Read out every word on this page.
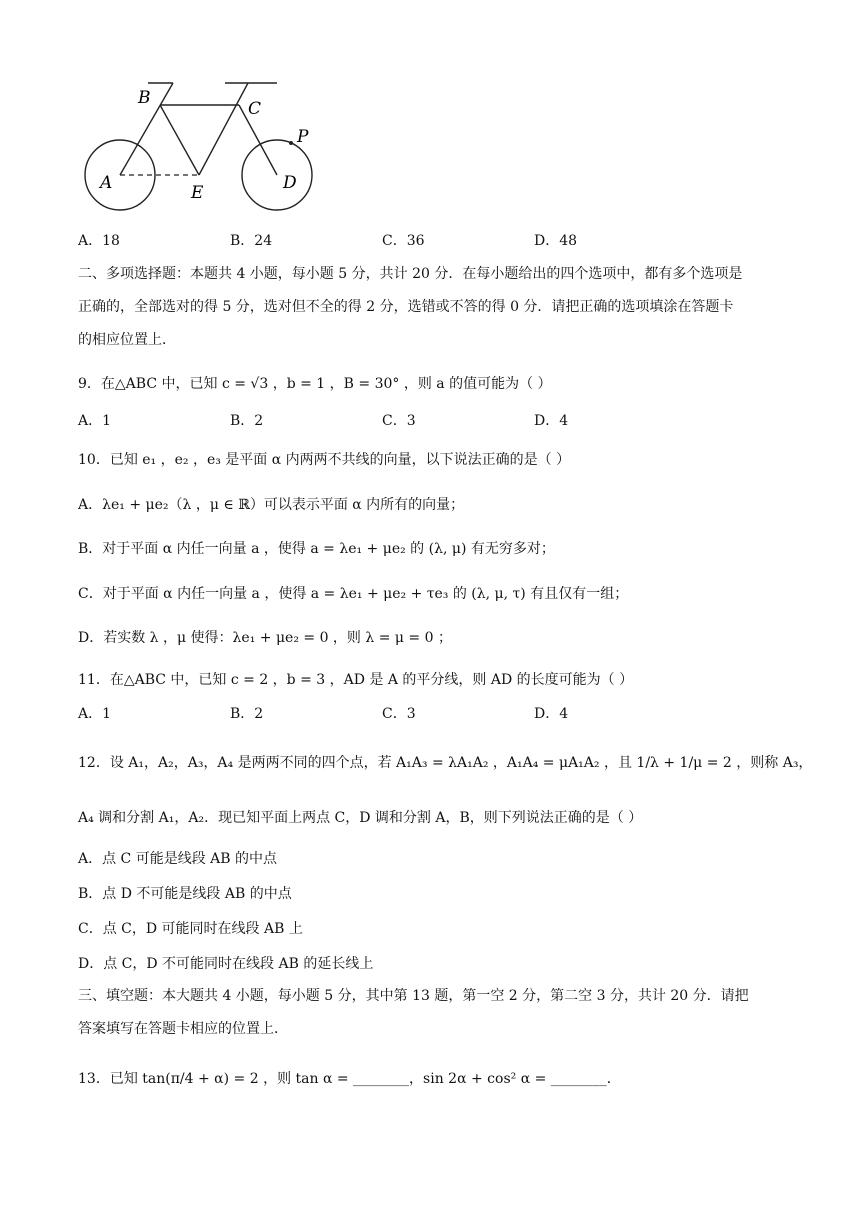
A
B
C
D
E
P
A．18	B．24	C．36	D．48
二、多项选择题：本题共 4 小题，每小题 5 分，共计 20 分．在每小题给出的四个选项中，都有多个选项是
正确的，全部选对的得 5 分，选对但不全的得 2 分，选错或不答的得 0 分．请把正确的选项填涂在答题卡
的相应位置上．
9．在△ABC 中，已知 c = √3 ，b = 1 ，B = 30° ，则 a 的值可能为（ ）
A．1	B．2	C．3	D．4
10．已知 e₁ ，e₂ ，e₃ 是平面 α 内两两不共线的向量，以下说法正确的是（ ）
A．λe₁ + μe₂（λ ，μ ∈ ℝ）可以表示平面 α 内所有的向量；
B．对于平面 α 内任一向量 a ，使得 a = λe₁ + μe₂ 的 (λ, μ) 有无穷多对；
C．对于平面 α 内任一向量 a ，使得 a = λe₁ + μe₂ + τe₃ 的 (λ, μ, τ) 有且仅有一组；
D．若实数 λ ，μ 使得：λe₁ + μe₂ = 0 ，则 λ = μ = 0 ；
11．在△ABC 中，已知 c = 2 ，b = 3 ，AD 是 A 的平分线，则 AD 的长度可能为（ ）
A．1	B．2	C．3	D．4
12．设 A₁，A₂，A₃，A₄ 是两两不同的四个点，若 A₁A₃ = λA₁A₂ ，A₁A₄ = μA₁A₂ ，且 1/λ + 1/μ = 2 ，则称 A₃，
A₄ 调和分割 A₁，A₂．现已知平面上两点 C，D 调和分割 A，B，则下列说法正确的是（ ）
A．点 C 可能是线段 AB 的中点
B．点 D 不可能是线段 AB 的中点
C．点 C，D 可能同时在线段 AB 上
D．点 C，D 不可能同时在线段 AB 的延长线上
三、填空题：本大题共 4 小题，每小题 5 分，其中第 13 题，第一空 2 分，第二空 3 分，共计 20 分．请把
答案填写在答题卡相应的位置上．
13．已知 tan(π/4 + α) = 2 ，则 tan α = ________，sin 2α + cos² α = ________．
